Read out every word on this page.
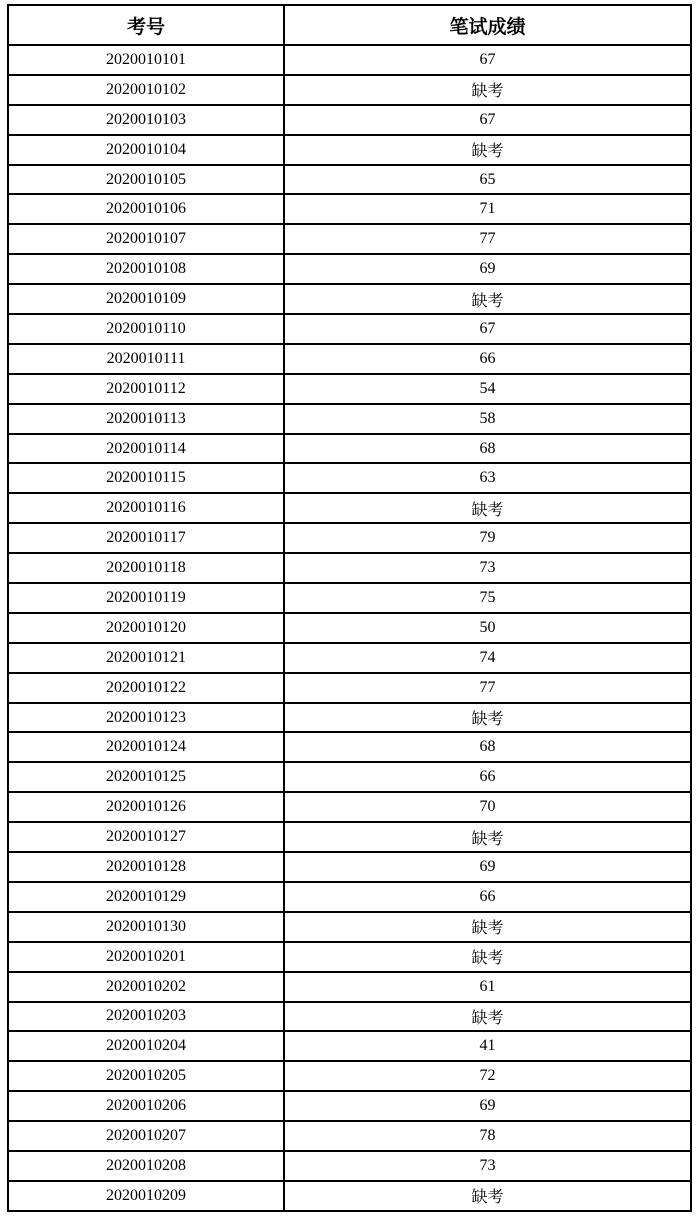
考号	笔试成绩
2020010101	67
2020010102	缺考
2020010103	67
2020010104	缺考
2020010105	65
2020010106	71
2020010107	77
2020010108	69
2020010109	缺考
2020010110	67
2020010111	66
2020010112	54
2020010113	58
2020010114	68
2020010115	63
2020010116	缺考
2020010117	79
2020010118	73
2020010119	75
2020010120	50
2020010121	74
2020010122	77
2020010123	缺考
2020010124	68
2020010125	66
2020010126	70
2020010127	缺考
2020010128	69
2020010129	66
2020010130	缺考
2020010201	缺考
2020010202	61
2020010203	缺考
2020010204	41
2020010205	72
2020010206	69
2020010207	78
2020010208	73
2020010209	缺考
